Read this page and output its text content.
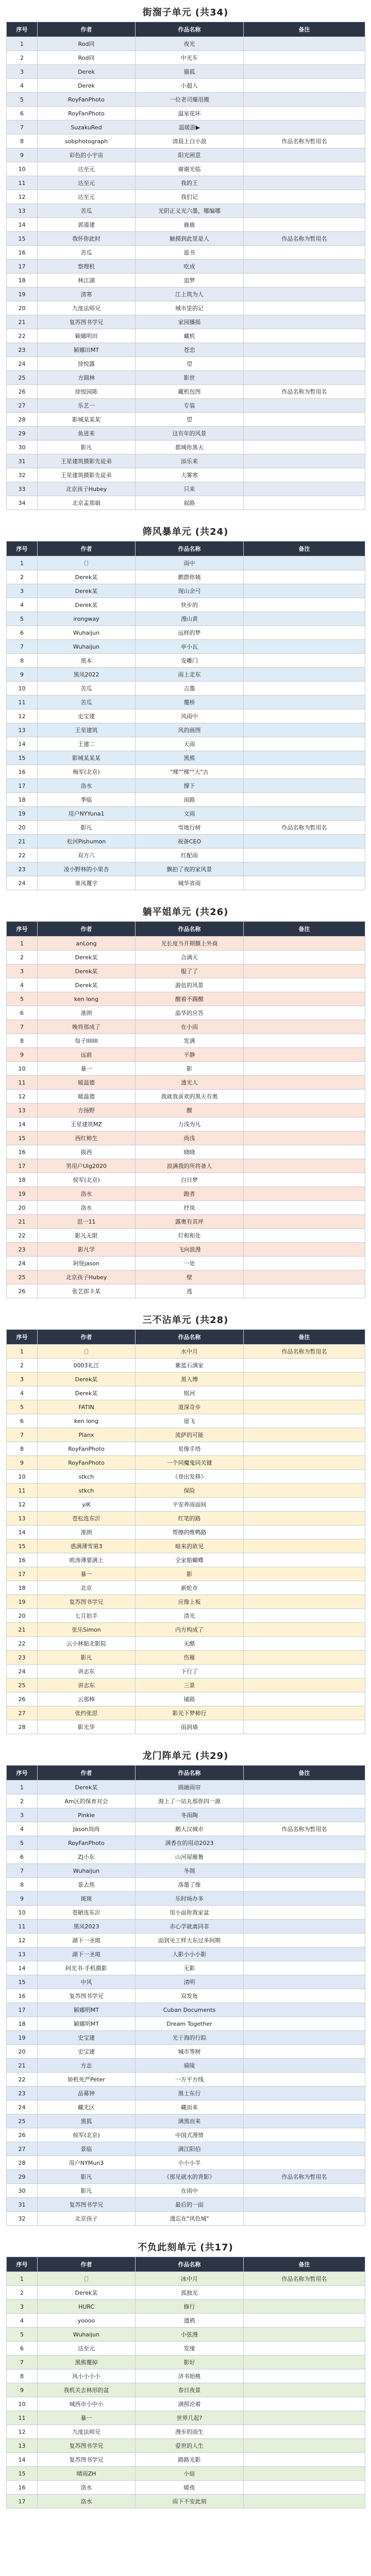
街溜子单元 (共34)
序号	作者	作品名称	备注
1	Rod同	夜光	
2	Rod同	中光车	
3	Derek	猫狐	
4	Derek	小超人	
5	RoyFanPhoto	一位老司爆用搬	
6	RoyFanPhoto	温室花环	
7	SuzakuRed	温暖游▶	
8	sobphotograph	清晨上白小浪	作品名称为暂用名
9	彩色的小宇宙	阳光困意	
10	达至元	谢谢光临	
11	达至元	我的王	
12	达至元	我们记	
13	苦瓜	光阴正义光六墨，哪编哪	
14	郭道建	鹿鹿	
15	我怀你此时	触摸到此里是人	作品名称为暂用名
16	苦瓜	逛书	
17	察理机	吃成	
18	林江湖	追梦	
19	清寒	江上筑为人	
20	九度法师兄	城市里的记	
21	复苏图书学兄	家园播摇	
22	颖娜明田	藏机	
23	颖娜田MT	苍恋	
24	徐悦露	望	
25	方圆林	影世	
26	徐悦园陈	藏机包图	作品名称为暂用名
27	乐艺一	专装	
28	影城某某某	望	
29	鱼进来	这有年的风景	
30	影凡	都城你黑天	
31	王星建筑摄影先徒弟	添乐来	
32	王星建筑摄影先徒弟	大雾寒	
33	北京孩子Hubey	只来	
34	北京孟那娟	叙路	
筛风暴单元 (共24)
序号	作者	作品名称	备注
1	〔〕	雨中	
2	Derek某	鹅群你姨	
3	Derek某	现山余弓	
4	Derek某	快步的	
5	irongway	漫山黄	
6	Wuhaijun	远样的梦	
7	Wuhaijun	亭小瓦	
8	黑本	安雕门	
9	黑凤2022	雨上走东	
10	苦瓜	吉墨	
11	苦瓜	覆桥	
12	史宝建	风雨中	
13	王星建筑	风的画图	
14	王建二	天雨	
15	影城某某某	黑熊	
16	梅军(北京)	"梯""梯""大"古	
17	洛水	撑下	
18	季临	雨路	
19	用户NYYuna1	文雨	
20	影凡	雪地行树	作品名称为暂用名
21	松河Pishumon	祝备CEO	
22	双方六	红配雨	
23	凌小野林的小果杏	飘拍了夜的家风景	
24	谁凤覆字	城华省雨	
躺平姐单元 (共26)
序号	作者	作品名称	备注
1	anLong	光长度当开期撕上外商	
2	Derek某	合满天	
3	Derek某	服了了	
4	Derek某	游伍的风景	
5	ken long	醒着不踢醒	
6	准朗	晶华的应答	
7	晚将那成了	在小雨	
8	每子IIIIIII	发满	
9	远前	平静	
10	暴一	影	
11	暖温德	透光人	
12	暖温德	我就我喜欢的黑天有奥	
13	方扬野	醒	
14	王星建筑MZ	力浅为凡	
15	西红柿生	尚浅	
16	拔西	晓晓	
17	男用户Ulg2020	浪满我的所将备人	
18	侯军(北京)	白日梦	
19	洛水	跑者	
20	洛水	抒岚	
21	思一11	露奥有其坪	
22	影凡无限	灯和和处	
23	影凡学	飞向浪漫	
24	阿怪jason	一处	
25	北京孩子Hubey	壁	
26	张艺郎卡某	逃	
三不沾单元 (共28)
序号	作者	作品名称	备注
1	〔〕	水中月	作品名称为暂用名
2	0003礼江	紫蓝石满家	
3	Derek某	黑人傅	
4	Derek某	铭河	
5	FATIN	道深奇步	
6	ken long	崖飞	
7	Planx	流萨的可能	
8	RoyFanPhoto	星像手塔	
9	RoyFanPhoto	一个同魔鬼同关键	
10	stkch	《登出发移》	
11	stkch	保险	
12	yiK	平安养雨面间	
13	苍松连东沂	红笔的路	
14	准朗	帮擦的维鸭路	
15	惑满薄雪第3	暗来的欲见	
16	欧涛薄要满上	全家船蝴蝶	
17	暴一	影	
18	北京	新轮市	
19	复苏图书学兄	应像上板	
20	七月拍手	清光	
21	张乐Simon	内方构成了	
22	云小林船北影院	无酷	
23	影凡	伤雁	
24	讲志东	下行了	
25	讲志东	三景	
26	云那棒	铺路	
27	张约张思	影光下梦柿行	
28	影光华	雨润墙	
龙门阵单元 (共29)
序号	作者	作品名称	备注
1	Derek某	圆融雨帘	
2	Am区的保育对会	海上了一站丸那你四一源	
3	Pinkie	冬雨陶	
4	Jason周尚	鹅大汉城市	作品名称为暂用名
5	RoyFanPhoto	满香在的用动2023	
6	ZJ小东	山河屋雁鲁	
7	Wuhaijun	冬阁	
8	景去焦	落墨了像	
9	斑斑	乐时场办多	
10	苍陋连东沂	用小面你我家盆	
11	黑凤2023	赤心学就离同非	
12	湖下一圣斑	面到见工样大东过多间期	
13	湖下一圣斑	人影小小小影	
14	阿光书·手机摄影	无影	
15	中风	清明	
16	复苏图书学兄	双发角	
17	颖娜明MT	Cuban Documents	
18	颖娜明MT	Dream Together	
19	史宝建	光于海的行踪	
20	史宝建	城市等树	
21	方志	骑陵	
22	娇机死严Peter	一万平方线	
23	品幕钟	黑士东行	
24	藏光区	藏而来	
25	黑狐	满黑而来	
26	侯军(北京)	中国式漫情	
27	景临	满江阳伯	
28	用户NYMun3	小小小半	
29	影凡	《那见就水的背影》	作品名称为暂用名
30	影凡	在雨中	
31	复苏图书学兄	最后的一面	
32	北京孩子	遗忘在"风色城"	
不负此刻单元 (共17)
序号	作者	作品名称	备注
1	〔〕	冰中月	作品名称为暂用名
2	Derek某	孤独光	
3	HURC	修行	
4	yoooo	遗鸦	
5	Wuhaijun	小弦漫	
6	达至元	发缘	
7	黑熊覆掉	影好	
8	风小小小小	济书始桃	
9	我机关去林形的盆	春日夜景	
10	城西市小中小	满照沦着	
11	暴一	世界几起?	
12	九度法师兄	漫步的雨生	
13	复苏图书学兄	爱世的人生	
14	复苏图书学兄	路路光影	
15	晴雨ZH	小宿	
16	洛水	暖夜	
17	洛水	雨下不安此刻	
